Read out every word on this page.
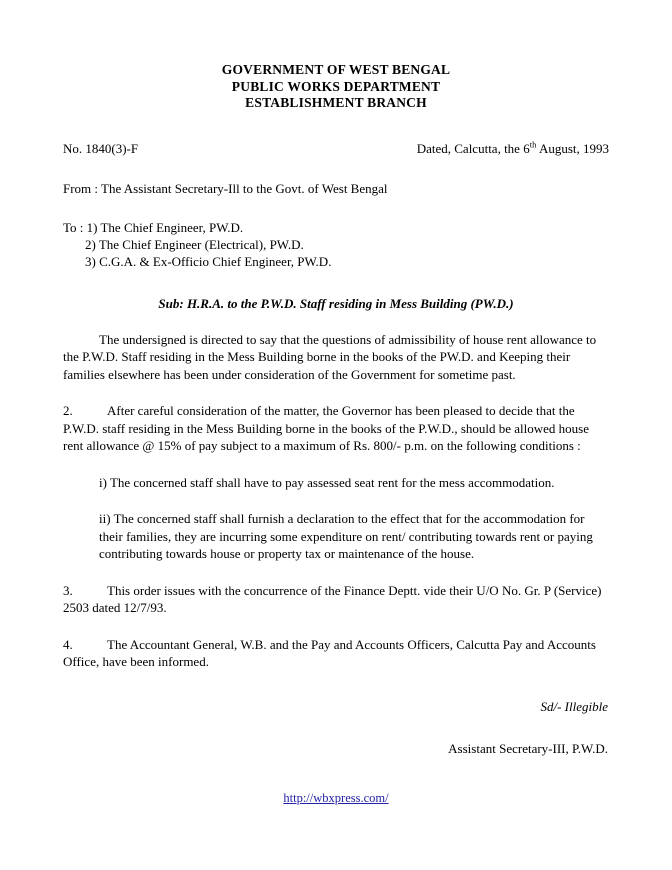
GOVERNMENT OF WEST BENGAL
PUBLIC WORKS DEPARTMENT
ESTABLISHMENT BRANCH
No. 1840(3)-F	Dated, Calcutta, the 6th August, 1993
From : The Assistant Secretary-Ill to the Govt. of West Bengal
To : 1) The Chief Engineer, PW.D.
2) The Chief Engineer (Electrical), PW.D.
3) C.G.A. & Ex-Officio Chief Engineer, PW.D.
Sub: H.R.A. to the P.W.D. Staff residing in Mess Building (PW.D.)
The undersigned is directed to say that the questions of admissibility of house rent allowance to the P.W.D. Staff residing in the Mess Building borne in the books of the PW.D. and Keeping their families elsewhere has been under consideration of the Government for sometime past.
2.	After careful consideration of the matter, the Governor has been pleased to decide that the P.W.D. staff residing in the Mess Building borne in the books of the P.W.D., should be allowed house rent allowance @ 15% of pay subject to a maximum of Rs. 800/- p.m. on the following conditions :
i) The concerned staff shall have to pay assessed seat rent for the mess accommodation.
ii) The concerned staff shall furnish a declaration to the effect that for the accommodation for their families, they are incurring some expenditure on rent/ contributing towards rent or paying contributing towards house or property tax or maintenance of the house.
3.	This order issues with the concurrence of the Finance Deptt. vide their U/O No. Gr. P (Service) 2503 dated 12/7/93.
4.	The Accountant General, W.B. and the Pay and Accounts Officers, Calcutta Pay and Accounts Office, have been informed.
Sd/- Illegible
Assistant Secretary-III, P.W.D.
http://wbxpress.com/
